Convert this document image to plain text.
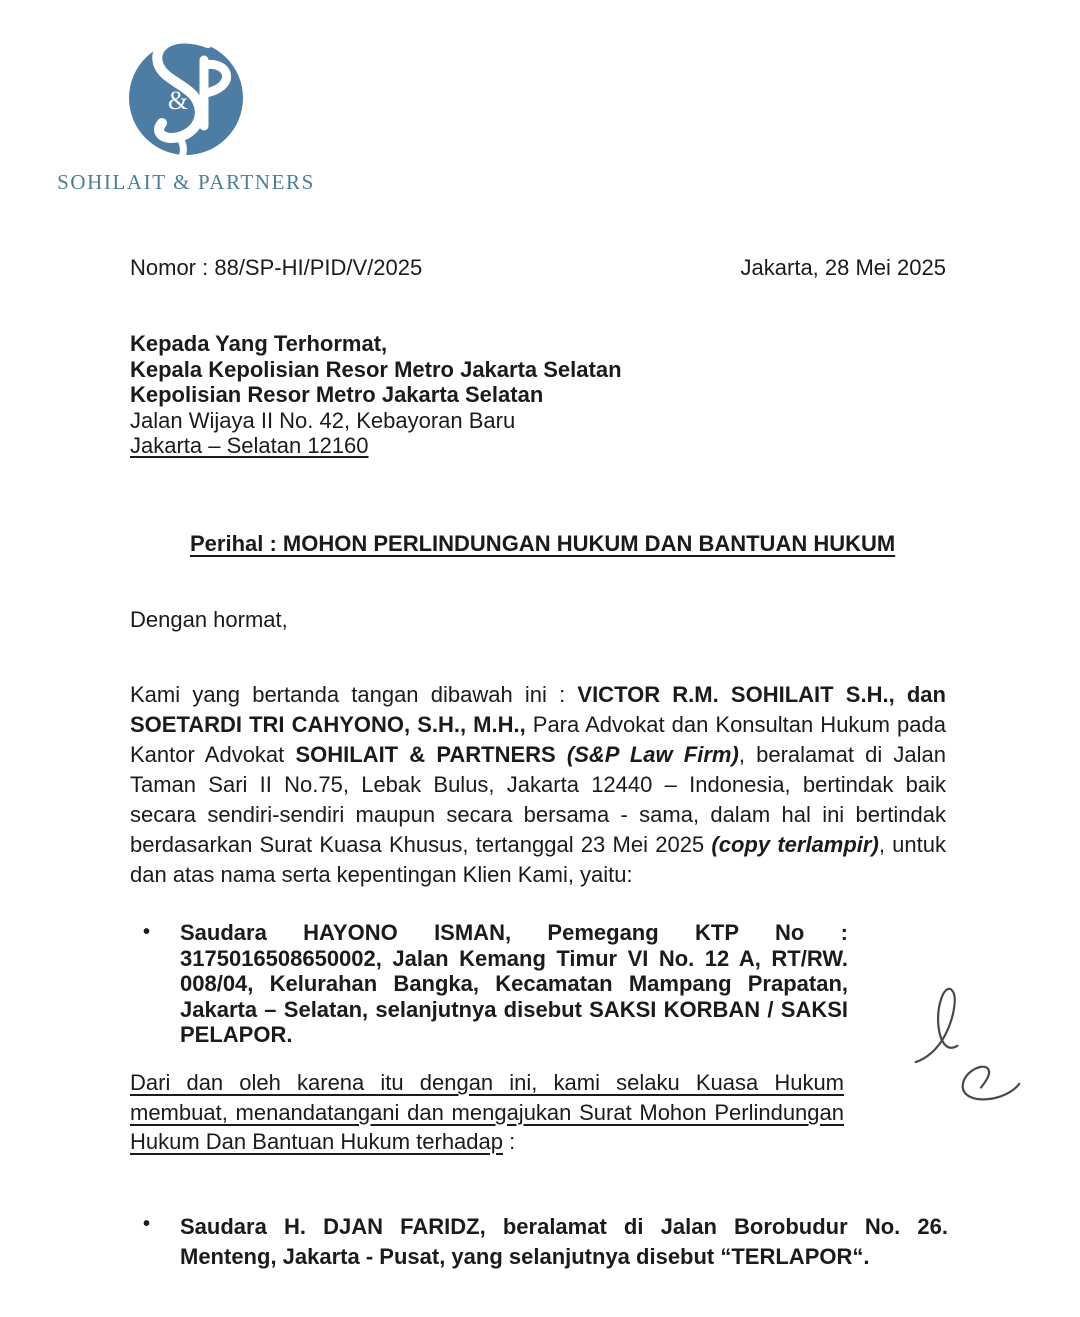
&
SOHILAIT & PARTNERS
Nomor : 88/SP-HI/PID/V/2025	Jakarta, 28 Mei 2025
Kepada Yang Terhormat,
Kepala Kepolisian Resor Metro Jakarta Selatan
Kepolisian Resor Metro Jakarta Selatan
Jalan Wijaya II No. 42, Kebayoran Baru
Jakarta – Selatan 12160
Perihal : MOHON PERLINDUNGAN HUKUM DAN BANTUAN HUKUM
Dengan hormat,
Kami yang bertanda tangan dibawah ini : VICTOR R.M. SOHILAIT S.H., dan SOETARDI TRI CAHYONO, S.H., M.H., Para Advokat dan Konsultan Hukum pada Kantor Advokat SOHILAIT & PARTNERS (S&P Law Firm), beralamat di Jalan Taman Sari II No.75, Lebak Bulus, Jakarta 12440 – Indonesia, bertindak baik secara sendiri-sendiri maupun secara bersama - sama, dalam hal ini bertindak berdasarkan Surat Kuasa Khusus, tertanggal 23 Mei 2025 (copy terlampir), untuk dan atas nama serta kepentingan Klien Kami, yaitu:
•	Saudara HAYONO ISMAN, Pemegang KTP No : 3175016508650002, Jalan Kemang Timur VI No. 12 A, RT/RW. 008/04, Kelurahan Bangka, Kecamatan Mampang Prapatan, Jakarta – Selatan, selanjutnya disebut SAKSI KORBAN / SAKSI PELAPOR.
Dari dan oleh karena itu dengan ini, kami selaku Kuasa Hukum membuat, menandatangani dan mengajukan Surat Mohon Perlindungan Hukum Dan Bantuan Hukum terhadap :
•	Saudara H. DJAN FARIDZ, beralamat di Jalan Borobudur No. 26. Menteng, Jakarta - Pusat, yang selanjutnya disebut “TERLAPOR“.
